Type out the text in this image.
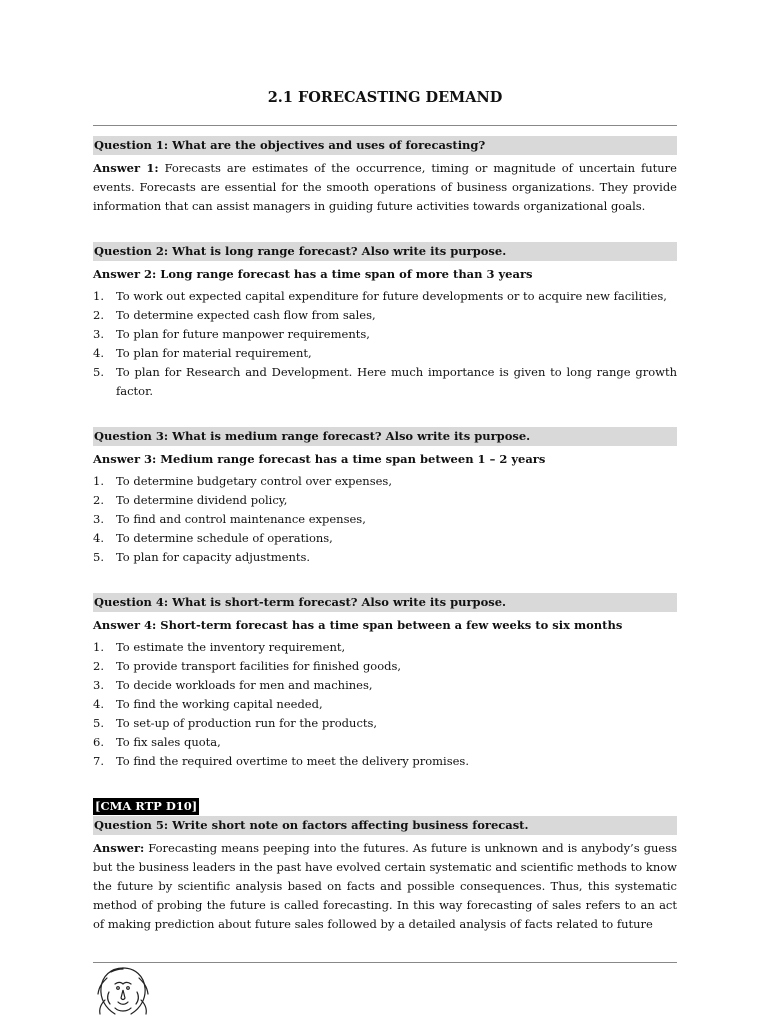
2.1 FORECASTING DEMAND
Question 1: What are the objectives and uses of forecasting?
Answer 1: Forecasts are estimates of the occurrence, timing or magnitude of uncertain future events. Forecasts are essential for the smooth operations of business organizations. They provide information that can assist managers in guiding future activities towards organizational goals.
Question 2: What is long range forecast? Also write its purpose.
Answer 2: Long range forecast has a time span of more than 3 years
1. To work out expected capital expenditure for future developments or to acquire new facilities,
2. To determine expected cash flow from sales,
3. To plan for future manpower requirements,
4. To plan for material requirement,
5. To plan for Research and Development. Here much importance is given to long range growth factor.
Question 3: What is medium range forecast? Also write its purpose.
Answer 3: Medium range forecast has a time span between 1 – 2 years
1. To determine budgetary control over expenses,
2. To determine dividend policy,
3. To find and control maintenance expenses,
4. To determine schedule of operations,
5. To plan for capacity adjustments.
Question 4: What is short-term forecast? Also write its purpose.
Answer 4: Short-term forecast has a time span between a few weeks to six months
1. To estimate the inventory requirement,
2. To provide transport facilities for finished goods,
3. To decide workloads for men and machines,
4. To find the working capital needed,
5. To set-up of production run for the products,
6. To fix sales quota,
7. To find the required overtime to meet the delivery promises.
[CMA RTP D10]
Question 5: Write short note on factors affecting business forecast.
Answer: Forecasting means peeping into the futures. As future is unknown and is anybody’s guess but the business leaders in the past have evolved certain systematic and scientific methods to know the future by scientific analysis based on facts and possible consequences. Thus, this systematic method of probing the future is called forecasting. In this way forecasting of sales refers to an act of making prediction about future sales followed by a detailed analysis of facts related to future
